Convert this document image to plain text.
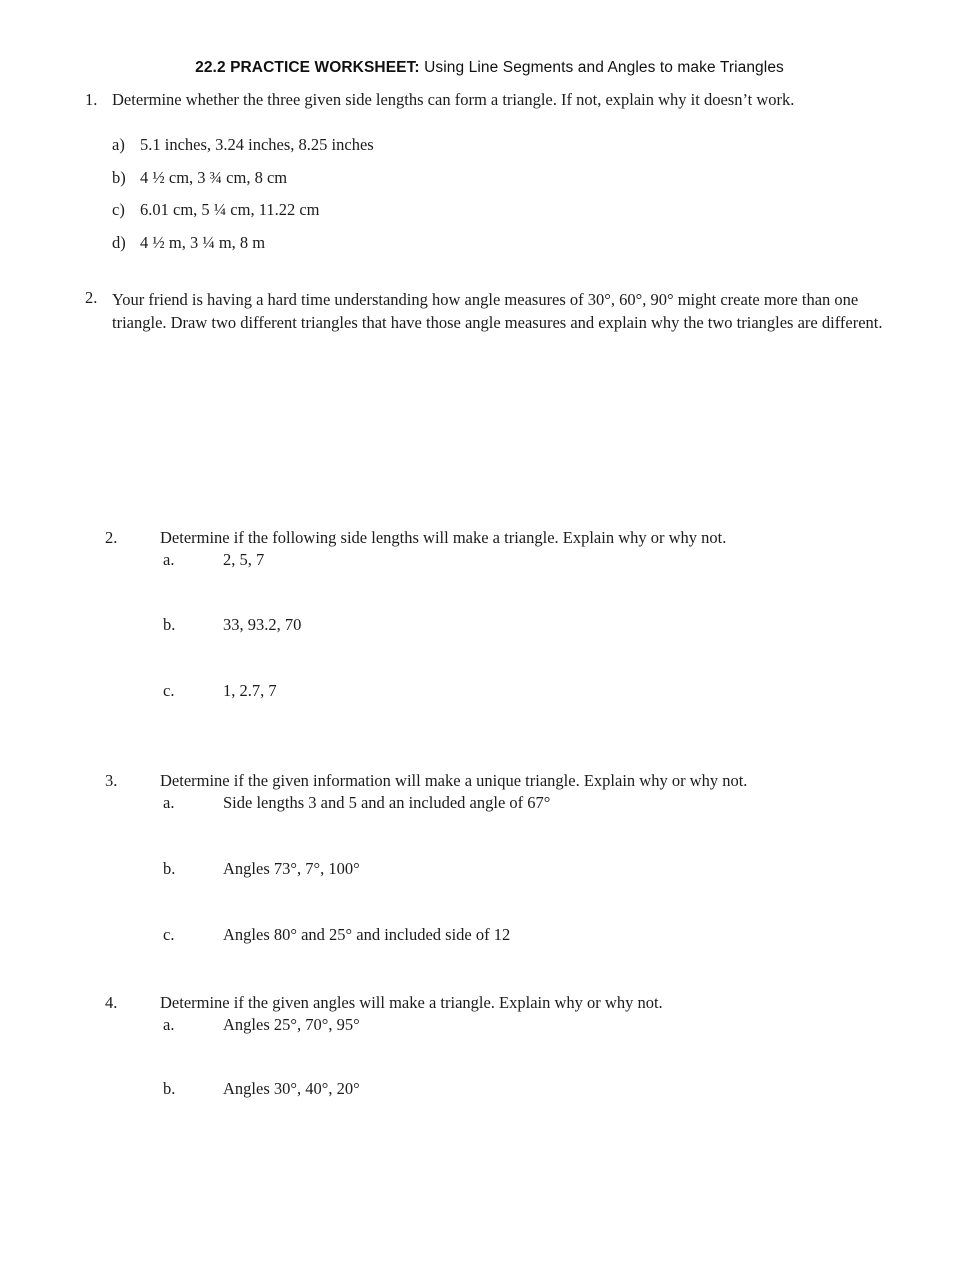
22.2 PRACTICE WORKSHEET: Using Line Segments and Angles to make Triangles
1. Determine whether the three given side lengths can form a triangle. If not, explain why it doesn’t work.
a) 5.1 inches, 3.24 inches, 8.25 inches
b) 4 ½ cm, 3 ¾ cm, 8 cm
c) 6.01 cm, 5 ¼ cm, 11.22 cm
d) 4 ½ m, 3 ¼ m, 8 m
2. Your friend is having a hard time understanding how angle measures of 30°, 60°, 90° might create more than one triangle. Draw two different triangles that have those angle measures and explain why the two triangles are different.
2.	Determine if the following side lengths will make a triangle. Explain why or why not.
a.	2, 5, 7
b.	33, 93.2, 70
c.	1, 2.7, 7
3.	Determine if the given information will make a unique triangle. Explain why or why not.
a.	Side lengths 3 and 5 and an included angle of 67°
b.	Angles 73°, 7°, 100°
c.	Angles 80° and 25° and included side of 12
4.	Determine if the given angles will make a triangle. Explain why or why not.
a.	Angles 25°, 70°, 95°
b.	Angles 30°, 40°, 20°
